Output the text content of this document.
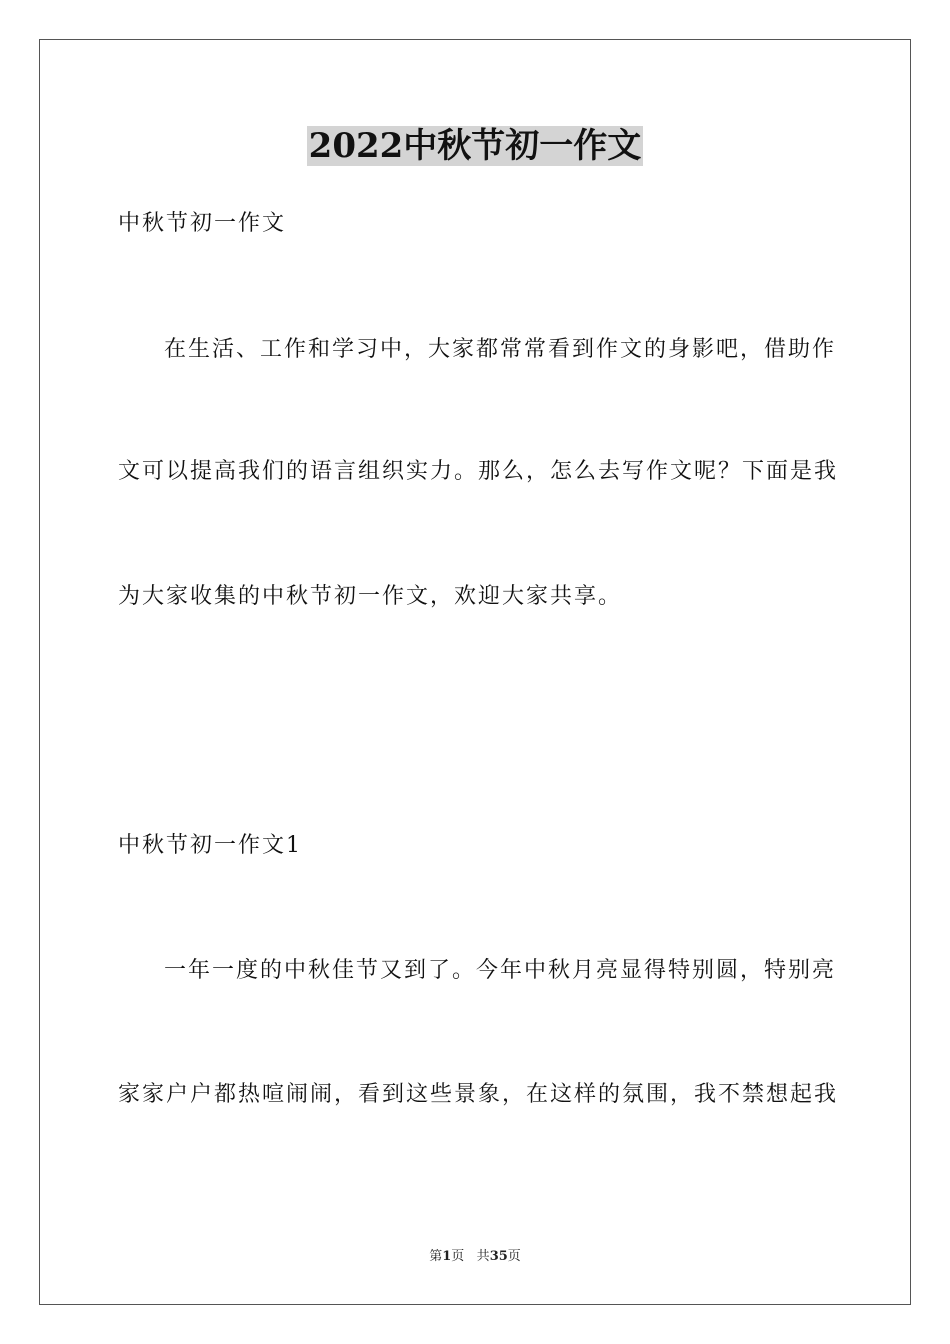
2022中秋节初一作文

中秋节初一作文

在生活、工作和学习中，大家都常常看到作文的身影吧，借助作

文可以提高我们的语言组织实力。那么，怎么去写作文呢？下面是我

为大家收集的中秋节初一作文，欢迎大家共享。

中秋节初一作文1

一年一度的中秋佳节又到了。今年中秋月亮显得特别圆，特别亮

家家户户都热喧闹闹，看到这些景象，在这样的氛围，我不禁想起我

第1页 共35页
